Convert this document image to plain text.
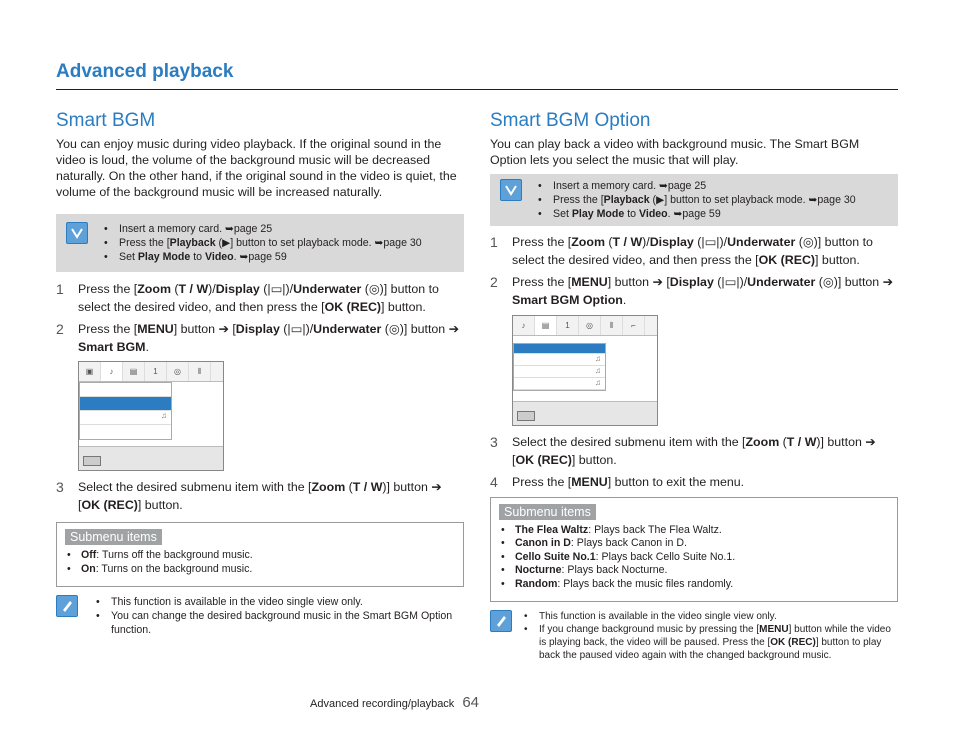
Advanced playback
Smart BGM

You can enjoy music during video playback. If the original sound in the video is loud, the volume of the background music will be decreased naturally. On the other hand, if the original sound in the video is quiet, the volume of the background music will be increased naturally.

• Insert a memory card. ➥page 25
• Press the [Playback (▶] button to set playback mode. ➥page 30
• Set Play Mode to Video. ➥page 59
1	Press the [Zoom (T / W)/Display (|▭|)/Underwater (◎)] button to select the desired video, and then press the [OK (REC)] button.
2	Press the [MENU] button ➔ [Display (|▭|)/Underwater (◎)] button ➔ Smart BGM.
▣	♪	▤	1	◎	⦀
♫
3	Select the desired submenu item with the [Zoom (T / W)] button ➔ [OK (REC)] button.
Submenu items
• Off: Turns off the background music.
• On: Turns on the background music.
• This function is available in the video single view only.
• You can change the desired background music in the Smart BGM Option function.
Smart BGM Option

You can play back a video with background music. The Smart BGM Option lets you select the music that will play.

• Insert a memory card. ➥page 25
• Press the [Playback (▶] button to set playback mode. ➥page 30
• Set Play Mode to Video. ➥page 59
1	Press the [Zoom (T / W)/Display (|▭|)/Underwater (◎)] button to select the desired video, and then press the [OK (REC)] button.
2	Press the [MENU] button ➔ [Display (|▭|)/Underwater (◎)] button ➔ Smart BGM Option.
♪	▤	1	◎	⦀	⌐
♫
♫
♫
3	Select the desired submenu item with the [Zoom (T / W)] button ➔ [OK (REC)] button.
4	Press the [MENU] button to exit the menu.
Submenu items
• The Flea Waltz: Plays back The Flea Waltz.
• Canon in D: Plays back Canon in D.
• Cello Suite No.1: Plays back Cello Suite No.1.
• Nocturne: Plays back Nocturne.
• Random: Plays back the music files randomly.
• This function is available in the video single view only.
• If you change background music by pressing the [MENU] button while the video is playing back, the video will be paused. Press the [OK (REC)] button to play back the paused video again with the changed background music.
Advanced recording/playback 64
